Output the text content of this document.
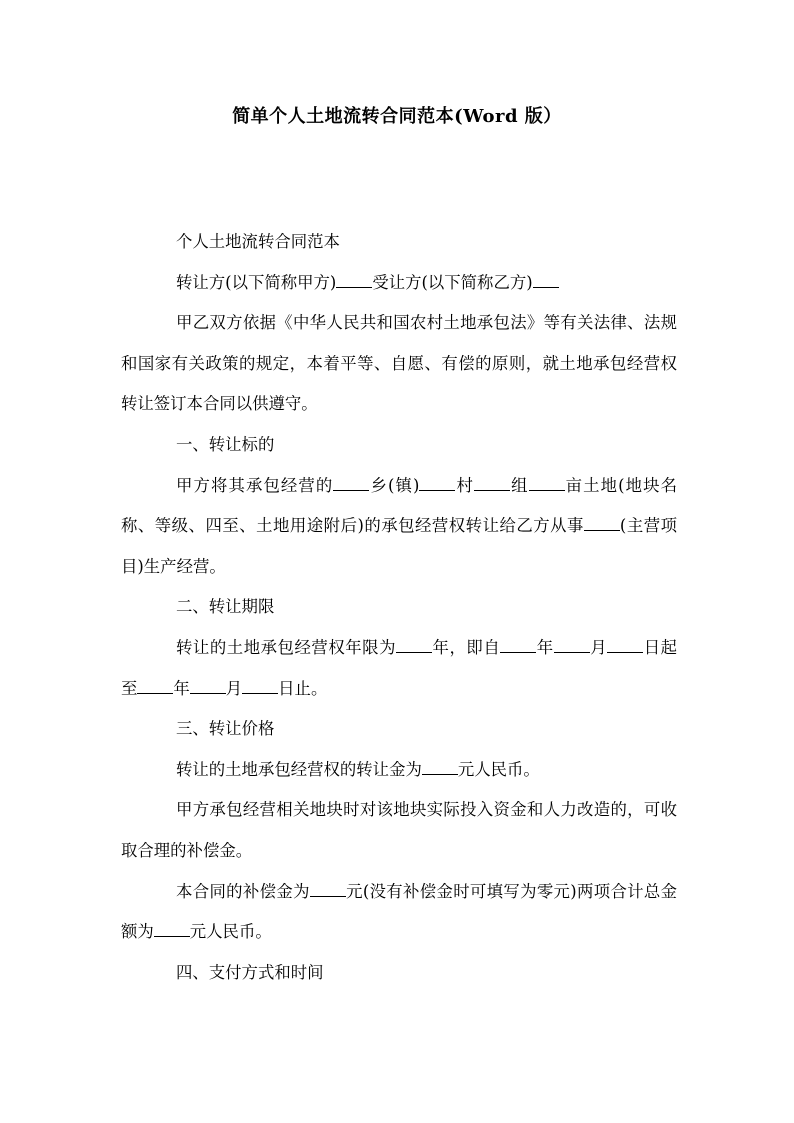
简单个人土地流转合同范本(Word 版）

个人土地流转合同范本

转让方(以下简称甲方) 受让方(以下简称乙方)

甲乙双方依据《中华人民共和国农村土地承包法》等有关法律、法规和国家有关政策的规定，本着平等、自愿、有偿的原则，就土地承包经营权转让签订本合同以供遵守。

一、转让标的

甲方将其承包经营的 乡(镇) 村 组 亩土地(地块名称、等级、四至、土地用途附后)的承包经营权转让给乙方从事 (主营项目)生产经营。

二、转让期限

转让的土地承包经营权年限为 年，即自 年 月 日起至 年 月 日止。

三、转让价格

转让的土地承包经营权的转让金为 元人民币。

甲方承包经营相关地块时对该地块实际投入资金和人力改造的，可收取合理的补偿金。

本合同的补偿金为 元(没有补偿金时可填写为零元)两项合计总金额为 元人民币。

四、支付方式和时间
